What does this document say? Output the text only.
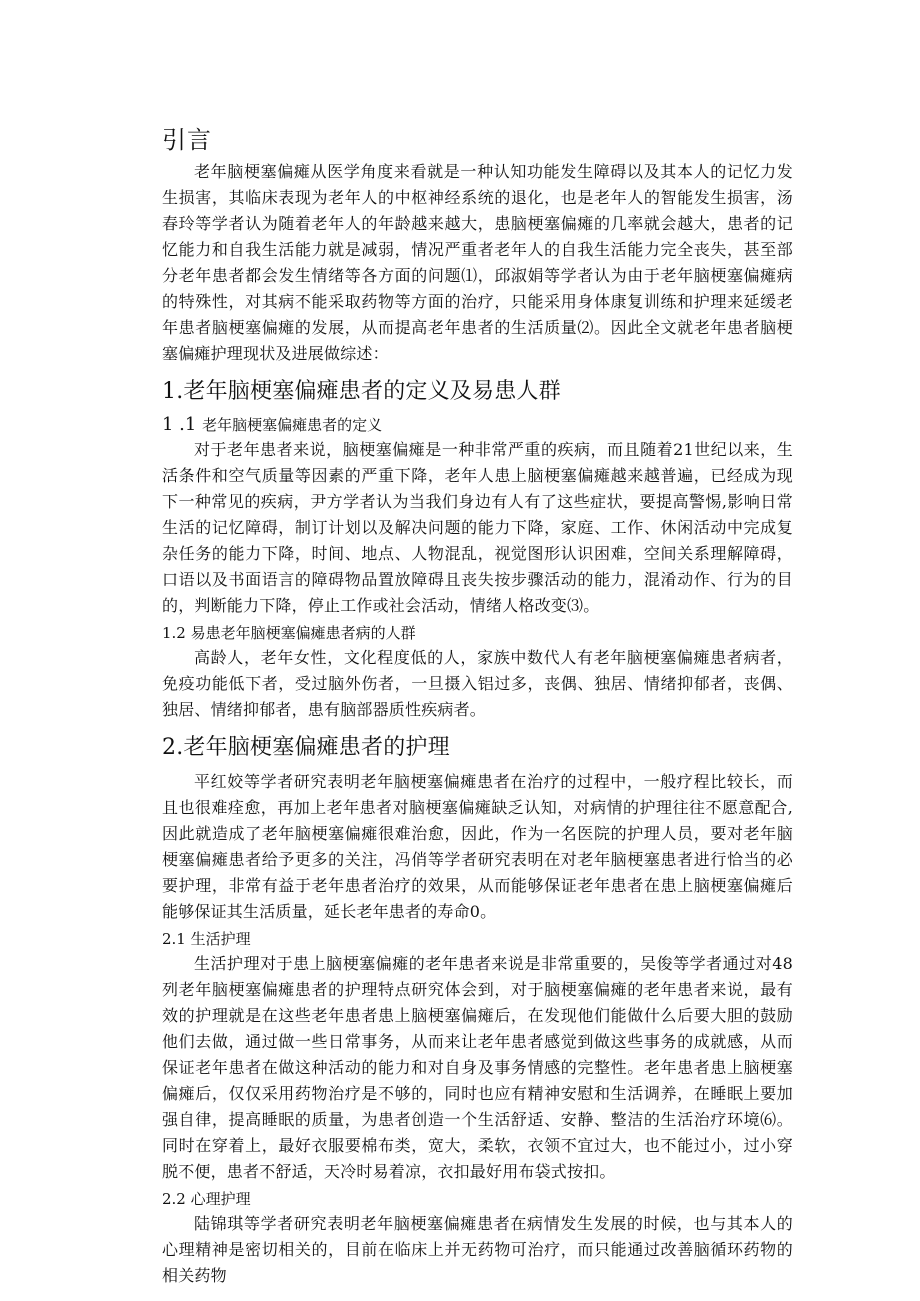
引言

老年脑梗塞偏瘫从医学角度来看就是一种认知功能发生障碍以及其本人的记忆力发生损害，其临床表现为老年人的中枢神经系统的退化，也是老年人的智能发生损害，汤春玲等学者认为随着老年人的年龄越来越大，患脑梗塞偏瘫的几率就会越大，患者的记忆能力和自我生活能力就是减弱，情况严重者老年人的自我生活能力完全丧失，甚至部分老年患者都会发生情绪等各方面的问题⑴，邱淑娟等学者认为由于老年脑梗塞偏瘫病的特殊性，对其病不能采取药物等方面的治疗，只能采用身体康复训练和护理来延缓老年患者脑梗塞偏瘫的发展，从而提高老年患者的生活质量⑵。因此全文就老年患者脑梗塞偏瘫护理现状及进展做综述：

1.老年脑梗塞偏瘫患者的定义及易患人群
1 .1 老年脑梗塞偏瘫患者的定义

对于老年患者来说，脑梗塞偏瘫是一种非常严重的疾病，而且随着21世纪以来，生活条件和空气质量等因素的严重下降，老年人患上脑梗塞偏瘫越来越普遍，已经成为现下一种常见的疾病，尹方学者认为当我们身边有人有了这些症状，要提高警惕,影响日常生活的记忆障碍，制订计划以及解决问题的能力下降，家庭、工作、休闲活动中完成复杂任务的能力下降，时间、地点、人物混乱，视觉图形认识困难，空间关系理解障碍，口语以及书面语言的障碍物品置放障碍且丧失按步骤活动的能力，混淆动作、行为的目的，判断能力下降，停止工作或社会活动，情绪人格改变⑶。

1.2 易患老年脑梗塞偏瘫患者病的人群

高龄人，老年女性，文化程度低的人，家族中数代人有老年脑梗塞偏瘫患者病者，免疫功能低下者，受过脑外伤者，一旦摄入铝过多，丧偶、独居、情绪抑郁者，丧偶、独居、情绪抑郁者，患有脑部器质性疾病者。

2.老年脑梗塞偏瘫患者的护理

平红姣等学者研究表明老年脑梗塞偏瘫患者在治疗的过程中，一般疗程比较长，而且也很难痊愈，再加上老年患者对脑梗塞偏瘫缺乏认知，对病情的护理往往不愿意配合,因此就造成了老年脑梗塞偏瘫很难治愈，因此，作为一名医院的护理人员，要对老年脑梗塞偏瘫患者给予更多的关注，冯俏等学者研究表明在对老年脑梗塞患者进行恰当的必要护理，非常有益于老年患者治疗的效果，从而能够保证老年患者在患上脑梗塞偏瘫后能够保证其生活质量，延长老年患者的寿命0。

2.1 生活护理

生活护理对于患上脑梗塞偏瘫的老年患者来说是非常重要的，吴俊等学者通过对48列老年脑梗塞偏瘫患者的护理特点研究体会到，对于脑梗塞偏瘫的老年患者来说，最有效的护理就是在这些老年患者患上脑梗塞偏瘫后，在发现他们能做什么后要大胆的鼓励他们去做，通过做一些日常事务，从而来让老年患者感觉到做这些事务的成就感，从而保证老年患者在做这种活动的能力和对自身及事务情感的完整性。老年患者患上脑梗塞偏瘫后，仅仅采用药物治疗是不够的，同时也应有精神安慰和生活调养，在睡眠上要加强自律，提高睡眠的质量，为患者创造一个生活舒适、安静、整洁的生活治疗环境⑹。同时在穿着上，最好衣服要棉布类，宽大，柔软，衣领不宜过大，也不能过小，过小穿脱不便，患者不舒适，天冷时易着凉，衣扣最好用布袋式按扣。

2.2 心理护理

陆锦琪等学者研究表明老年脑梗塞偏瘫患者在病情发生发展的时候，也与其本人的心理精神是密切相关的，目前在临床上并无药物可治疗，而只能通过改善脑循环药物的相关药物
